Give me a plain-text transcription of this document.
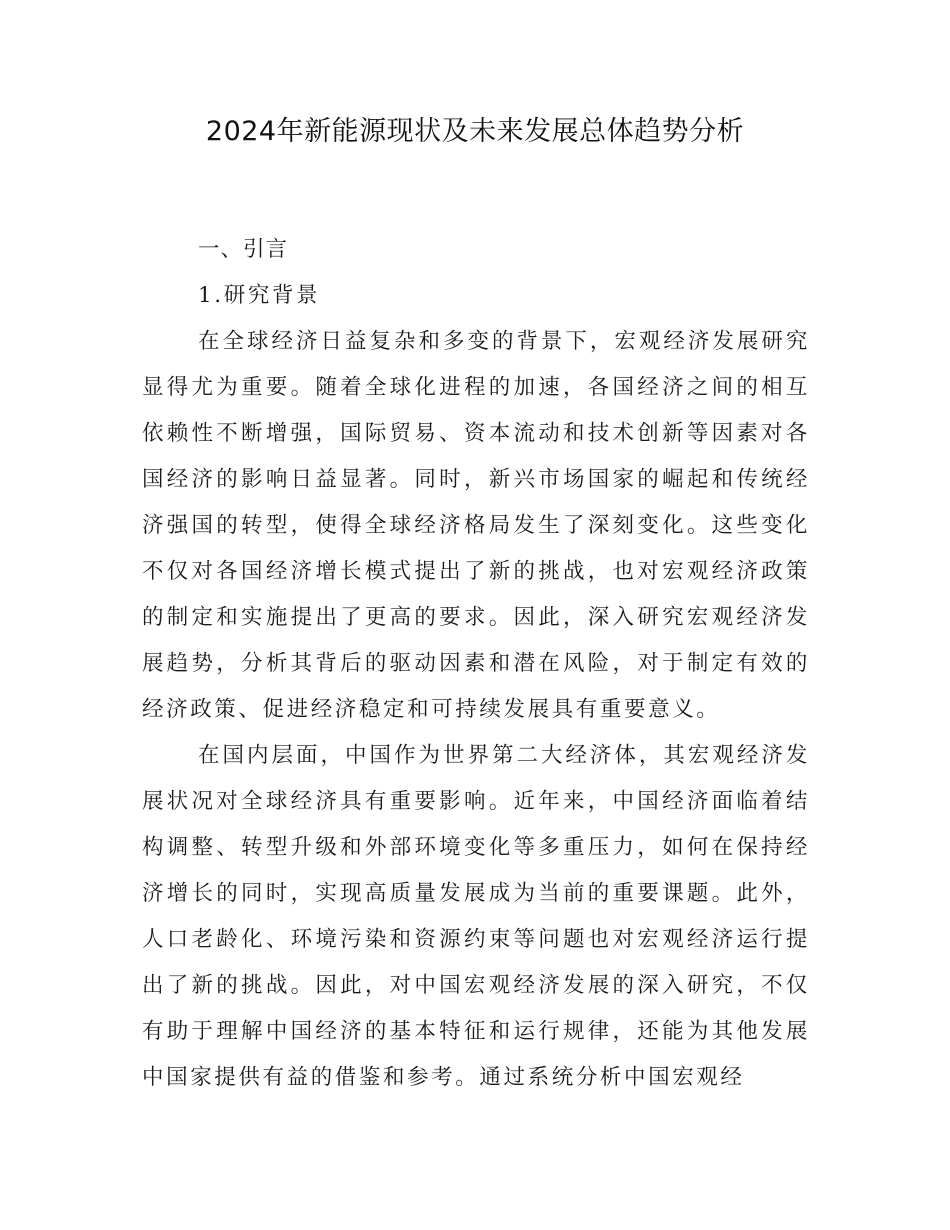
2024年新能源现状及未来发展总体趋势分析

一、引言

1.研究背景

在全球经济日益复杂和多变的背景下，宏观经济发展研究显得尤为重要。随着全球化进程的加速，各国经济之间的相互依赖性不断增强，国际贸易、资本流动和技术创新等因素对各国经济的影响日益显著。同时，新兴市场国家的崛起和传统经济强国的转型，使得全球经济格局发生了深刻变化。这些变化不仅对各国经济增长模式提出了新的挑战，也对宏观经济政策的制定和实施提出了更高的要求。因此，深入研究宏观经济发展趋势，分析其背后的驱动因素和潜在风险，对于制定有效的经济政策、促进经济稳定和可持续发展具有重要意义。

在国内层面，中国作为世界第二大经济体，其宏观经济发展状况对全球经济具有重要影响。近年来，中国经济面临着结构调整、转型升级和外部环境变化等多重压力，如何在保持经济增长的同时，实现高质量发展成为当前的重要课题。此外，人口老龄化、环境污染和资源约束等问题也对宏观经济运行提出了新的挑战。因此，对中国宏观经济发展的深入研究，不仅有助于理解中国经济的基本特征和运行规律，还能为其他发展中国家提供有益的借鉴和参考。通过系统分析中国宏观经
